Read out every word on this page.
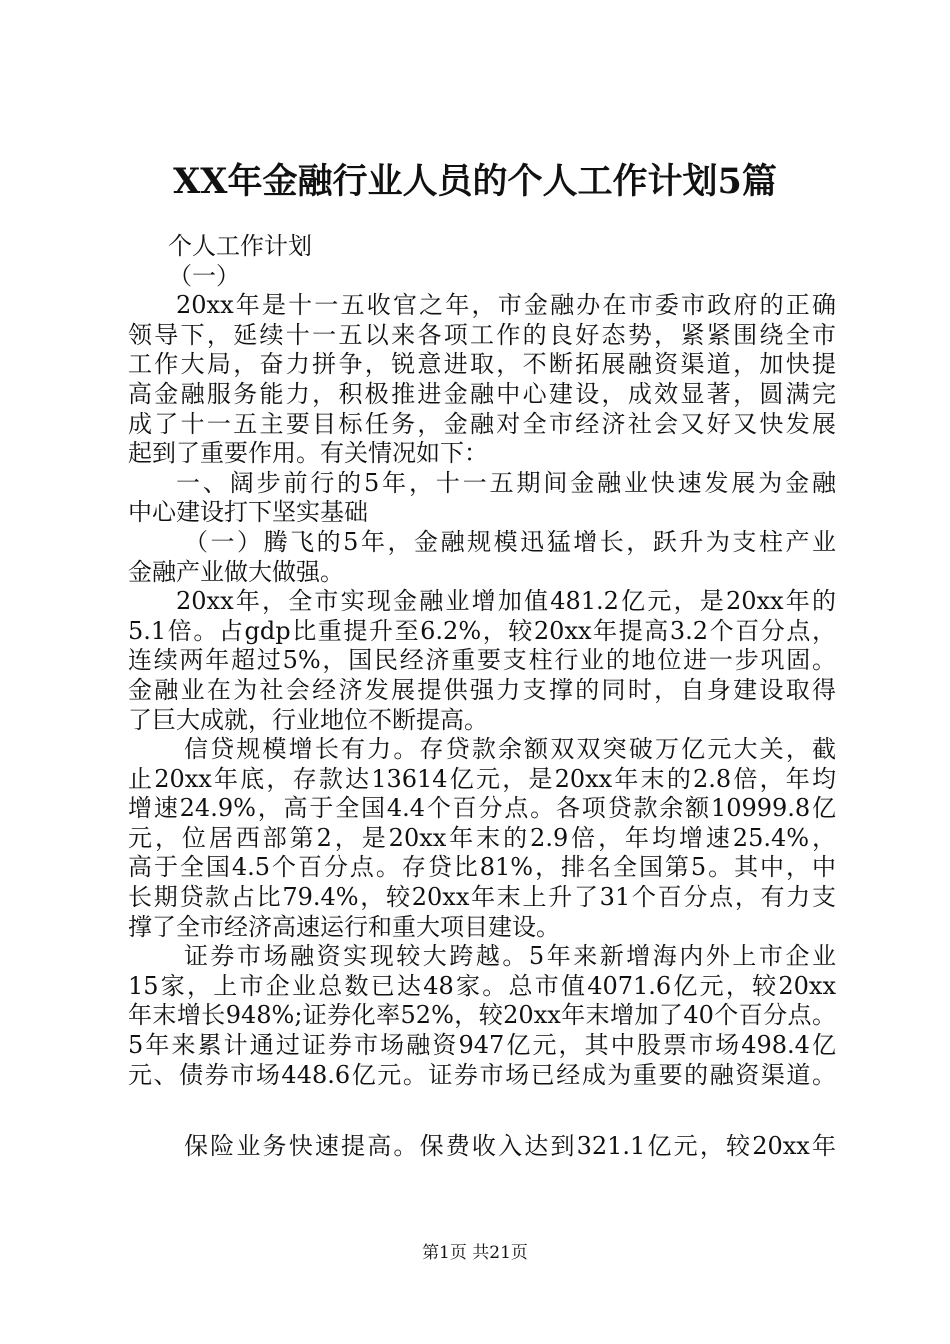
XX年金融行业人员的个人工作计划5篇
个人工作计划
（一）
20xx年是十一五收官之年，市金融办在市委市政府的正确
领导下，延续十一五以来各项工作的良好态势，紧紧围绕全市
工作大局，奋力拼争，锐意进取，不断拓展融资渠道，加快提
高金融服务能力，积极推进金融中心建设，成效显著，圆满完
成了十一五主要目标任务，金融对全市经济社会又好又快发展
起到了重要作用。有关情况如下：
一、阔步前行的5年，十一五期间金融业快速发展为金融
中心建设打下坚实基础
（一）腾飞的5年，金融规模迅猛增长，跃升为支柱产业
金融产业做大做强。
20xx年，全市实现金融业增加值481.2亿元，是20xx年的
5.1倍。占gdp比重提升至6.2%，较20xx年提高3.2个百分点，
连续两年超过5%，国民经济重要支柱行业的地位进一步巩固。
金融业在为社会经济发展提供强力支撑的同时，自身建设取得
了巨大成就，行业地位不断提高。
信贷规模增长有力。存贷款余额双双突破万亿元大关，截
止20xx年底，存款达13614亿元，是20xx年末的2.8倍，年均
增速24.9%，高于全国4.4个百分点。各项贷款余额10999.8亿
元，位居西部第2，是20xx年末的2.9倍，年均增速25.4%，
高于全国4.5个百分点。存贷比81%，排名全国第5。其中，中
长期贷款占比79.4%，较20xx年末上升了31个百分点，有力支
撑了全市经济高速运行和重大项目建设。
证券市场融资实现较大跨越。5年来新增海内外上市企业
15家，上市企业总数已达48家。总市值4071.6亿元，较20xx
年末增长948%;证券化率52%，较20xx年末增加了40个百分点。
5年来累计通过证券市场融资947亿元，其中股票市场498.4亿
元、债券市场448.6亿元。证券市场已经成为重要的融资渠道。
保险业务快速提高。保费收入达到321.1亿元，较20xx年
第1页 共21页
